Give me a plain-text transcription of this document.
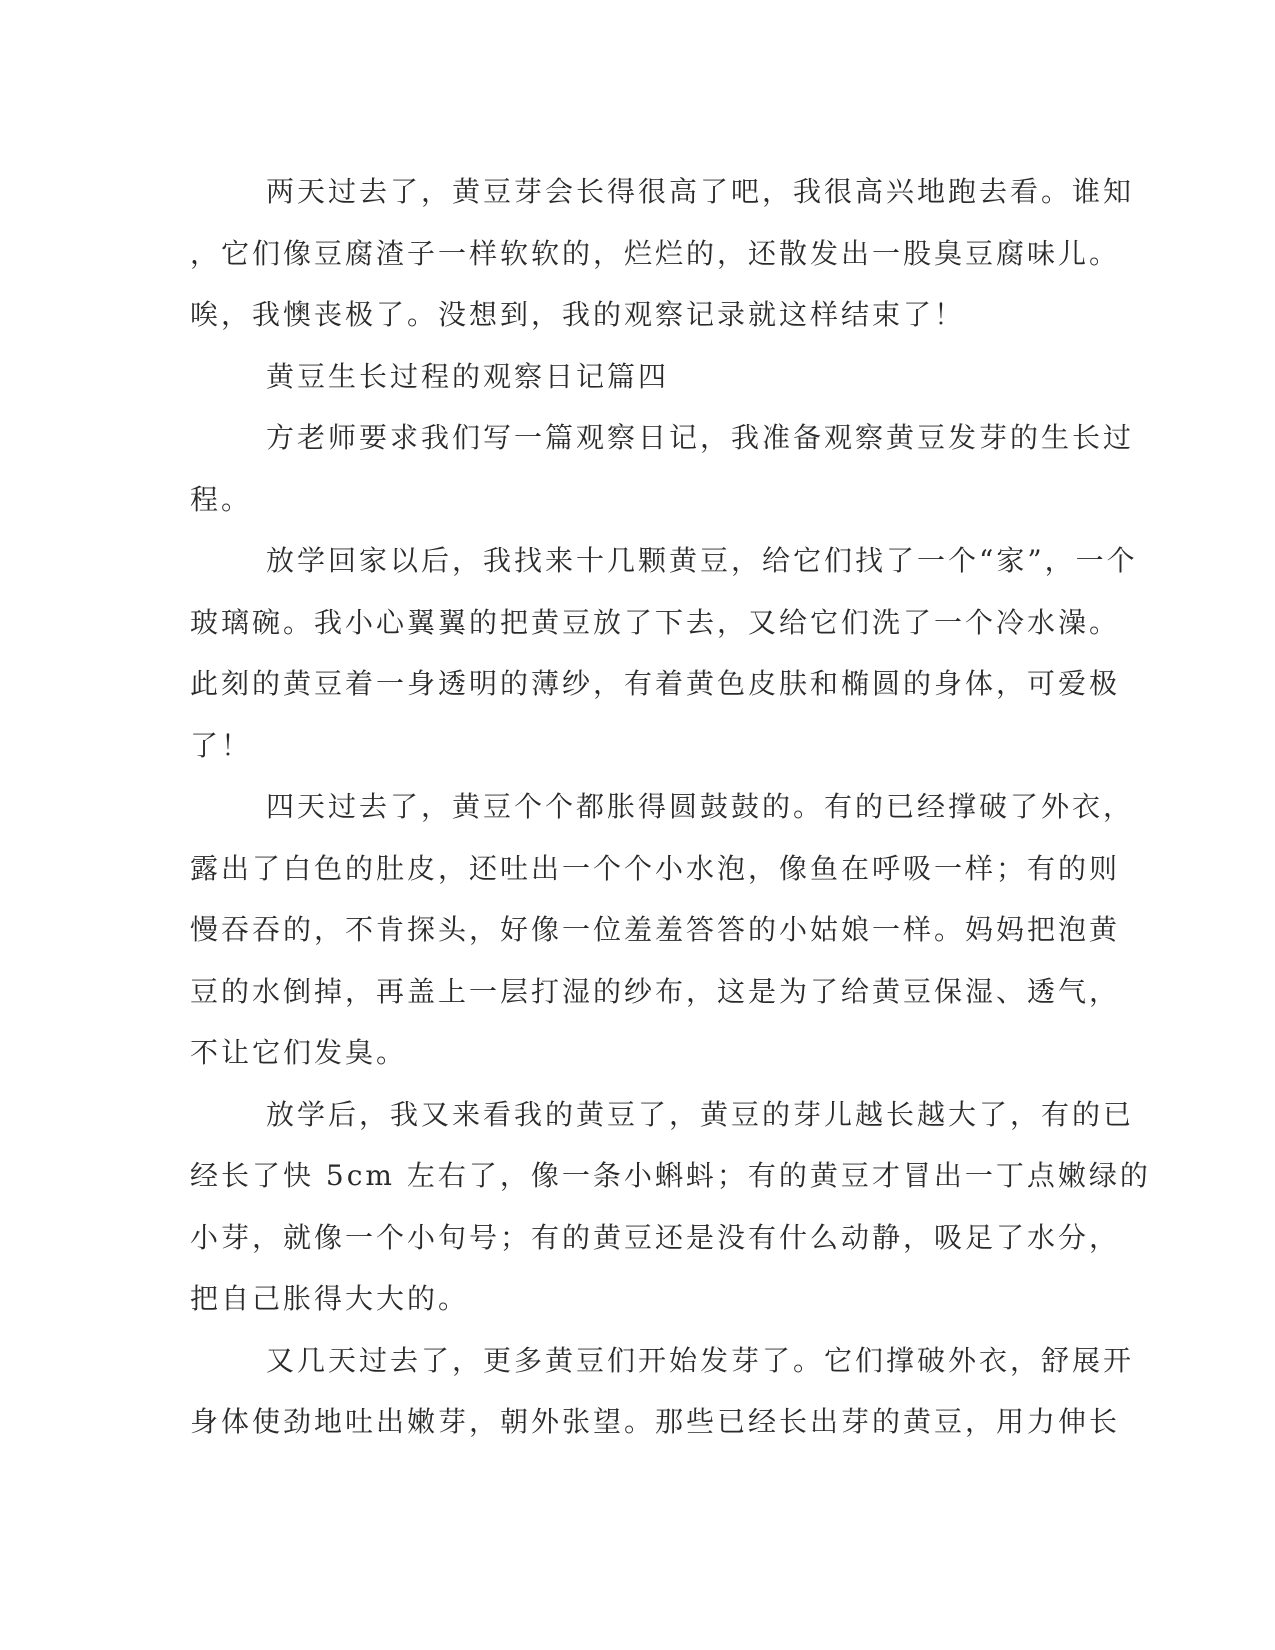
两天过去了，黄豆芽会长得很高了吧，我很高兴地跑去看。谁知
，它们像豆腐渣子一样软软的，烂烂的，还散发出一股臭豆腐味儿。
唉，我懊丧极了。没想到，我的观察记录就这样结束了！

黄豆生长过程的观察日记篇四

方老师要求我们写一篇观察日记，我准备观察黄豆发芽的生长过
程。

放学回家以后，我找来十几颗黄豆，给它们找了一个“家”，一个
玻璃碗。我小心翼翼的把黄豆放了下去，又给它们洗了一个冷水澡。
此刻的黄豆着一身透明的薄纱，有着黄色皮肤和椭圆的身体，可爱极
了！

四天过去了，黄豆个个都胀得圆鼓鼓的。有的已经撑破了外衣，
露出了白色的肚皮，还吐出一个个小水泡，像鱼在呼吸一样；有的则
慢吞吞的，不肯探头，好像一位羞羞答答的小姑娘一样。妈妈把泡黄
豆的水倒掉，再盖上一层打湿的纱布，这是为了给黄豆保湿、透气，
不让它们发臭。

放学后，我又来看我的黄豆了，黄豆的芽儿越长越大了，有的已
经长了快 5cm 左右了，像一条小蝌蚪；有的黄豆才冒出一丁点嫩绿的
小芽，就像一个小句号；有的黄豆还是没有什么动静，吸足了水分，
把自己胀得大大的。

又几天过去了，更多黄豆们开始发芽了。它们撑破外衣，舒展开
身体使劲地吐出嫩芽，朝外张望。那些已经长出芽的黄豆，用力伸长
